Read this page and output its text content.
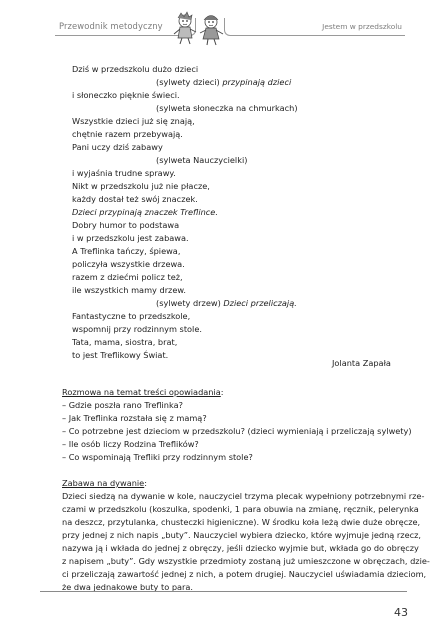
Przewodnik metodyczny	Jestem w przedszkolu
Dziś w przedszkolu dużo dzieci
(sylwety dzieci) przypinają dzieci
i słoneczko pięknie świeci.
(sylweta słoneczka na chmurkach)
Wszystkie dzieci już się znają,
chętnie razem przebywają.
Pani uczy dziś zabawy
(sylweta Nauczycielki)
i wyjaśnia trudne sprawy.
Nikt w przedszkolu już nie płacze,
każdy dostał też swój znaczek.
Dzieci przypinają znaczek Treflince.
Dobry humor to podstawa
i w przedszkolu jest zabawa.
A Treflinka tańczy, śpiewa,
policzyła wszystkie drzewa.
razem z dziećmi policz też,
ile wszystkich mamy drzew.
(sylwety drzew) Dzieci przeliczają.
Fantastyczne to przedszkole,
wspomnij przy rodzinnym stole.
Tata, mama, siostra, brat,
to jest Treflikowy Świat.
Jolanta Zapała
Rozmowa na temat treści opowiadania:
– Gdzie poszła rano Treflinka?
– Jak Treflinka rozstała się z mamą?
– Co potrzebne jest dzieciom w przedszkolu? (dzieci wymieniają i przeliczają sylwety)
– Ile osób liczy Rodzina Treflików?
– Co wspominają Trefliki przy rodzinnym stole?
Zabawa na dywanie:
Dzieci siedzą na dywanie w kole, nauczyciel trzyma plecak wypełniony potrzebnymi rze-
czami w przedszkolu (koszulka, spodenki, 1 para obuwia na zmianę, ręcznik, pelerynka
na deszcz, przytulanka, chusteczki higieniczne). W środku koła leżą dwie duże obręcze,
przy jednej z nich napis „buty”. Nauczyciel wybiera dziecko, które wyjmuje jedną rzecz,
nazywa ją i wkłada do jednej z obręczy, jeśli dziecko wyjmie but, wkłada go do obręczy
z napisem „buty”. Gdy wszystkie przedmioty zostaną już umieszczone w obręczach, dzie-
ci przeliczają zawartość jednej z nich, a potem drugiej. Nauczyciel uświadamia dzieciom,
że dwa jednakowe buty to para.
43
